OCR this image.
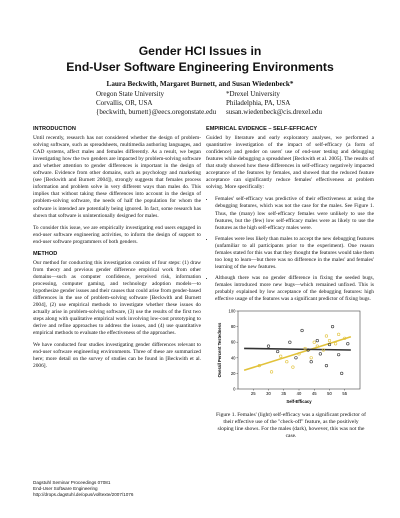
Gender HCI Issues in
End-User Software Engineering Environments
Laura Beckwith, Margaret Burnett, and Susan Wiedenbeck*
Oregon State University
Corvallis, OR, USA
{beckwith, burnett}@eecs.oregonstate.edu
*Drexel University
Philadelphia, PA, USA
susan.wiedenbeck@cis.drexel.edu
INTRODUCTION

Until recently, research has not considered whether the design of problem-solving software, such as spreadsheets, multimedia authoring languages, and CAD systems, affect males and females differently. As a result, we began investigating how the two genders are impacted by problem-solving software and whether attention to gender differences is important in the design of software. Evidence from other domains, such as psychology and marketing (see [Beckwith and Burnett 2004]), strongly suggests that females process information and problem solve in very different ways than males do. This implies that without taking these differences into account in the design of problem-solving software, the needs of half the population for whom the software is intended are potentially being ignored. In fact, some research has shown that software is unintentionally designed for males.

To consider this issue, we are empirically investigating end users engaged in end-user software engineering activities, to inform the design of support to end-user software programmers of both genders.

METHOD

Our method for conducting this investigation consists of four steps: (1) draw from theory and previous gender difference empirical work from other domains—such as computer confidence, perceived risk, information processing, computer gaming, and technology adoption models—to hypothesize gender issues and their causes that could arise from gender-based differences in the use of problem-solving software [Beckwith and Burnett 2004], (2) use empirical methods to investigate whether these issues do actually arise in problem-solving software, (3) use the results of the first two steps along with qualitative empirical work involving low-cost prototyping to derive and refine approaches to address the issues, and (4) use quantitative empirical methods to evaluate the effectiveness of the approaches.

We have conducted four studies investigating gender differences relevant to end-user software engineering environments. Three of these are summarized here; more detail on the survey of studies can be found in [Beckwith et al. 2006].

EMPIRICAL EVIDENCE – SELF-EFFICACY

Guided by literature and early exploratory analyses, we performed a quantitative investigation of the impact of self-efficacy (a form of confidence) and gender on users' use of end-user testing and debugging features while debugging a spreadsheet [Beckwith et al. 2005]. The results of that study showed how these differences in self-efficacy negatively impacted acceptance of the features by females, and showed that the reduced feature acceptance can significantly reduce females' effectiveness at problem solving. More specifically:

• Females' self-efficacy was predictive of their effectiveness at using the debugging features, which was not the case for the males. See Figure 1. Thus, the (many) low self-efficacy females were unlikely to use the features, but the (few) low self-efficacy males were as likely to use the features as the high self-efficacy males were.
• Females were less likely than males to accept the new debugging features (unfamiliar to all participants prior to the experiment). One reason females stated for this was that they thought the features would take them too long to learn—but there was no difference in the males' and females' learning of the new features.
• Although there was no gender difference in fixing the seeded bugs, females introduced more new bugs—which remained unfixed. This is probably explained by low acceptance of the debugging features: high effective usage of the features was a significant predictor of fixing bugs.
0
20
40
60
80
100
25	30	35	40	45	50	55
Overall Percent Testedness
Self-Efficacy
Figure 1. Females' (light) self-efficacy was a significant predictor of their effective use of the "check-off" feature, as the positively sloping line shows. For the males (dark), however, this was not the case.
Dagstuhl Seminar Proceedings 07081
End-User Software Engineering
http://drops.dagstuhl.de/opus/volltexte/2007/1076
